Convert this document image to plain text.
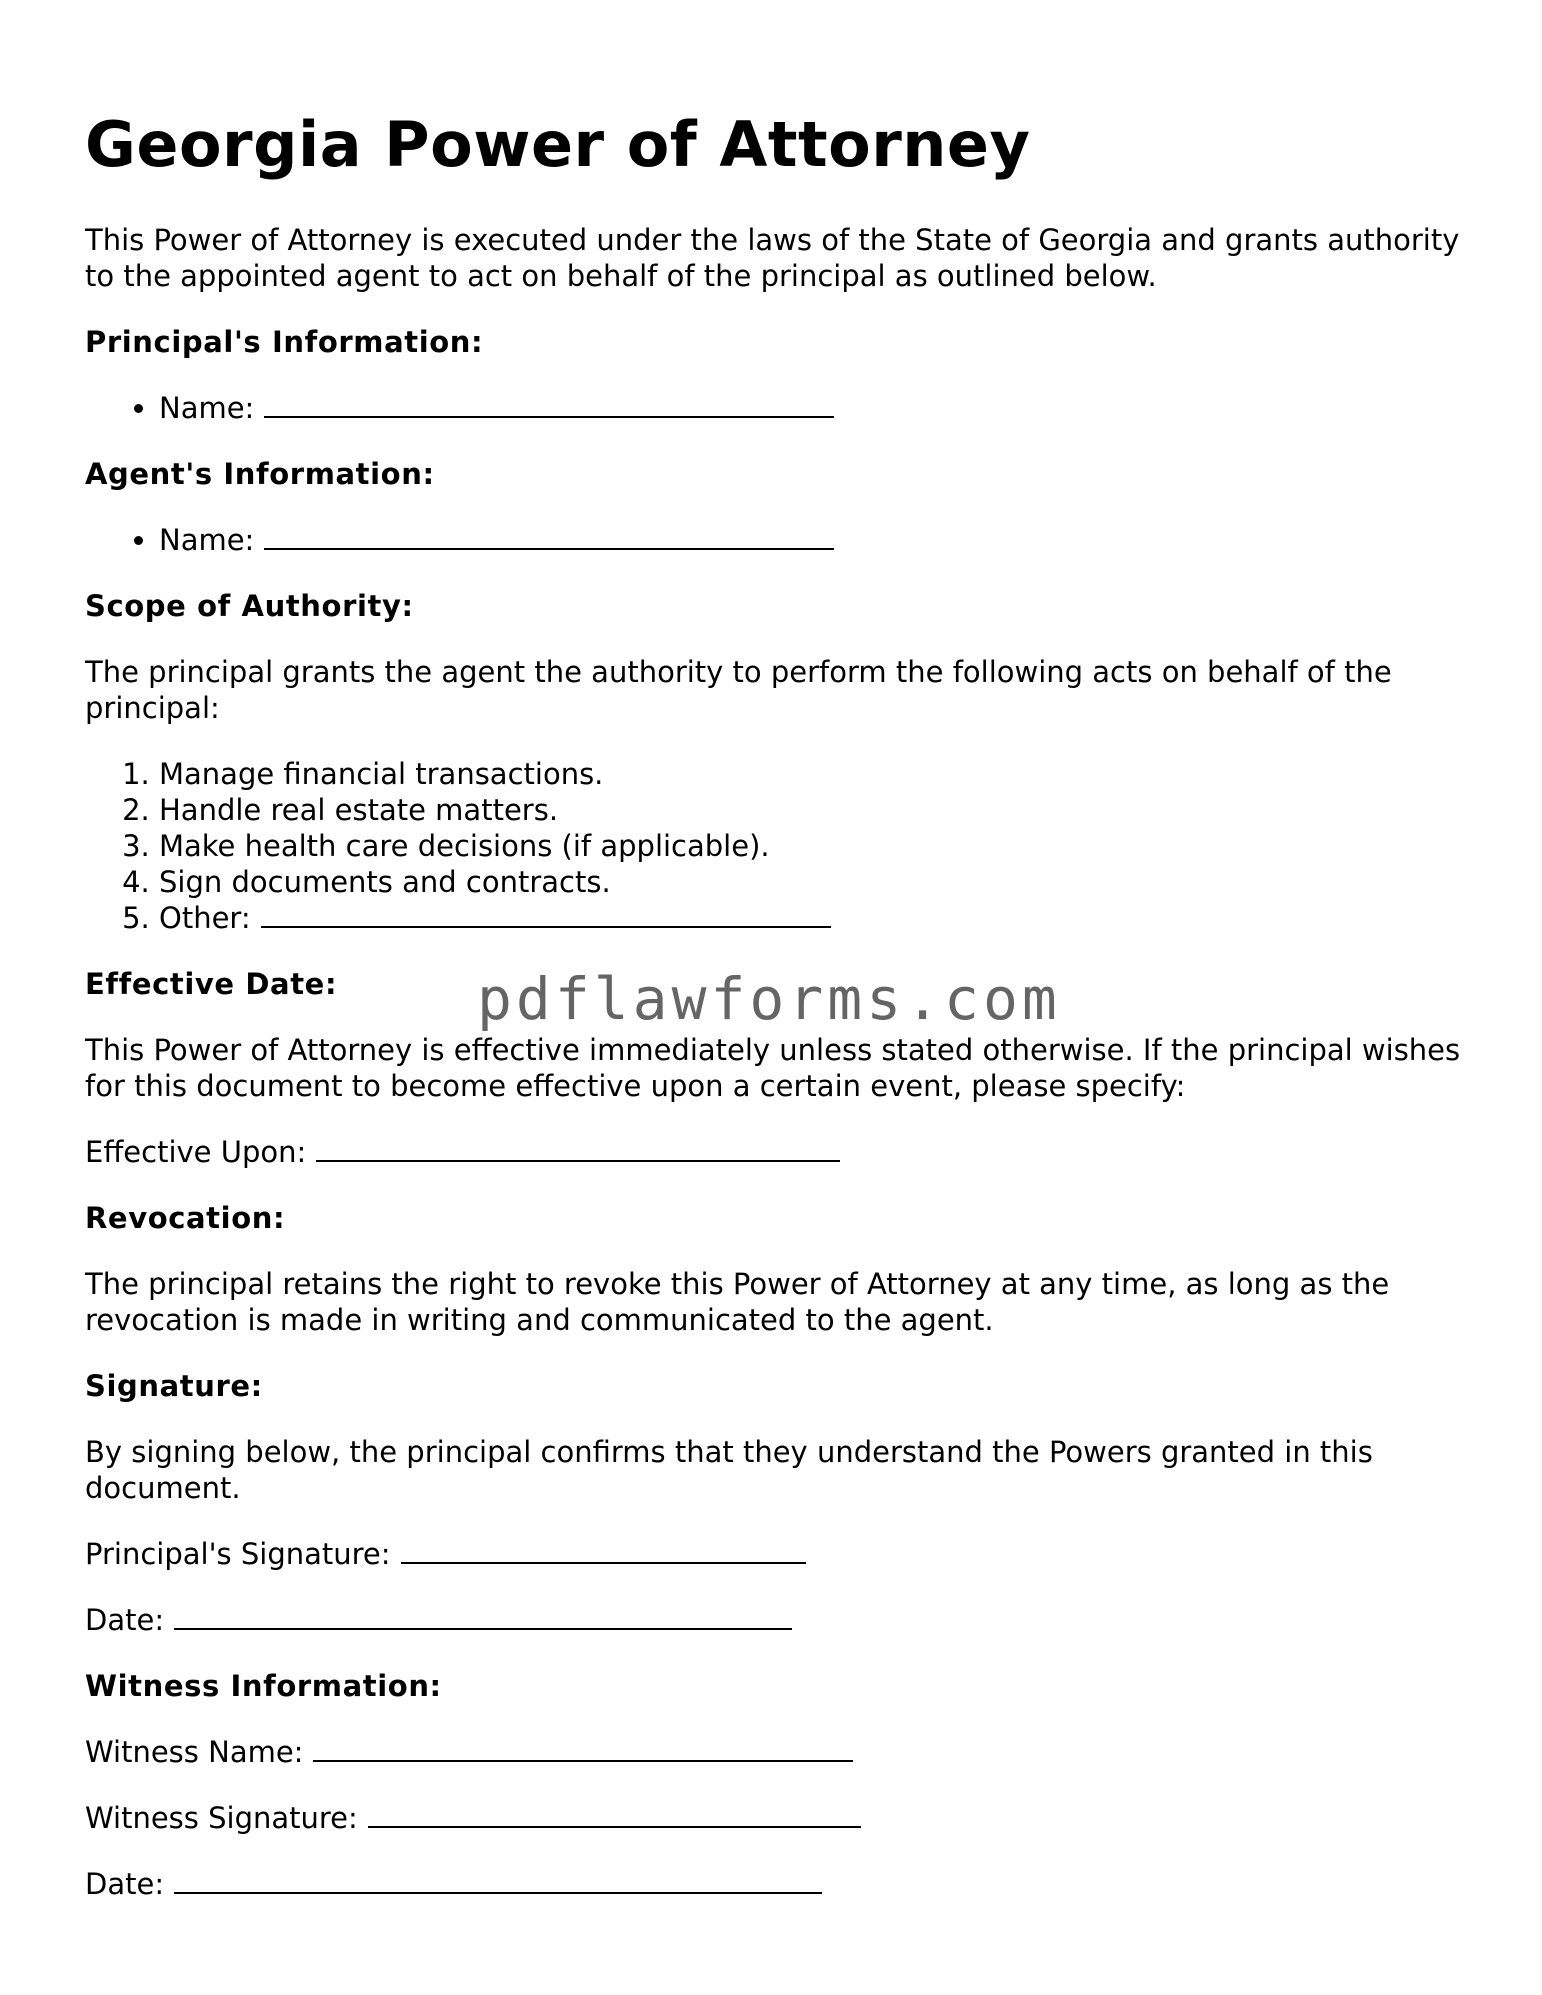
Georgia Power of Attorney

This Power of Attorney is executed under the laws of the State of Georgia and grants authority to the appointed agent to act on behalf of the principal as outlined below.

Principal's Information:
• Name:
Agent's Information:
• Name:
Scope of Authority:

The principal grants the agent the authority to perform the following acts on behalf of the principal:

1. Manage financial transactions.
2. Handle real estate matters.
3. Make health care decisions (if applicable).
4. Sign documents and contracts.
5. Other:
Effective Date:

This Power of Attorney is effective immediately unless stated otherwise. If the principal wishes for this document to become effective upon a certain event, please specify:

Effective Upon:

Revocation:

The principal retains the right to revoke this Power of Attorney at any time, as long as the revocation is made in writing and communicated to the agent.

Signature:

By signing below, the principal confirms that they understand the Powers granted in this document.

Principal's Signature:

Date:

Witness Information:

Witness Name:

Witness Signature:

Date:

pdflawforms.com
